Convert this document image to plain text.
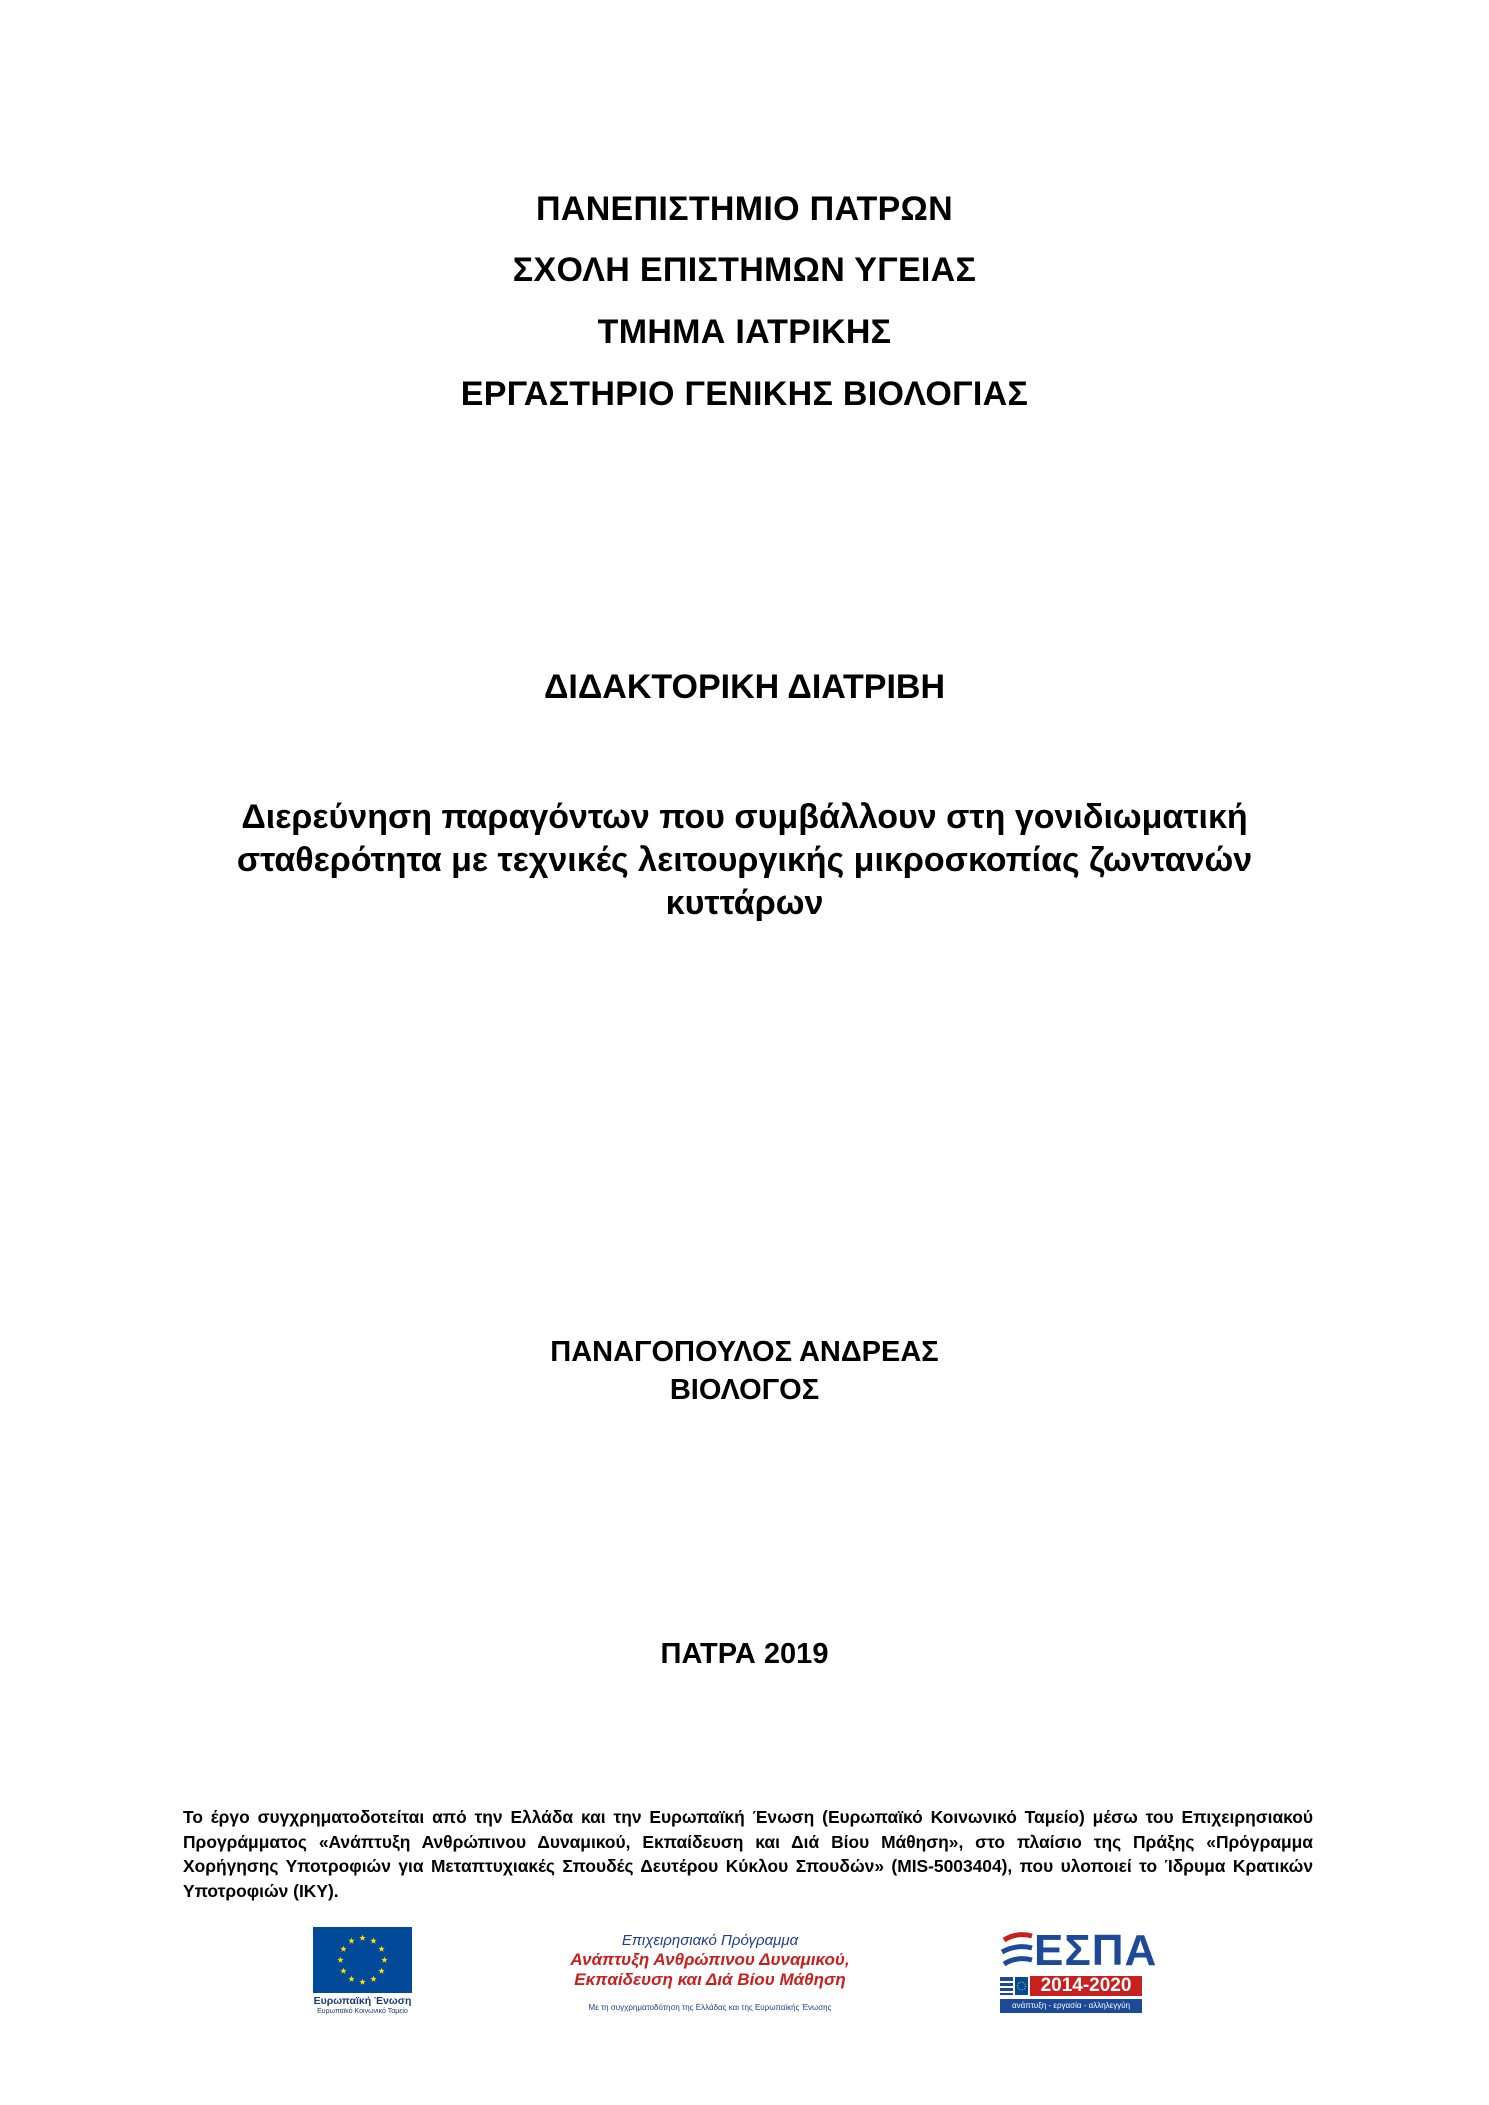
ΠΑΝΕΠΙΣΤΗΜΙΟ ΠΑΤΡΩΝ
ΣΧΟΛΗ ΕΠΙΣΤΗΜΩΝ ΥΓΕΙΑΣ
ΤΜΗΜΑ ΙΑΤΡΙΚΗΣ
ΕΡΓΑΣΤΗΡΙΟ ΓΕΝΙΚΗΣ ΒΙΟΛΟΓΙΑΣ
ΔΙΔΑΚΤΟΡΙΚΗ ΔΙΑΤΡΙΒΗ
Διερεύνηση παραγόντων που συμβάλλουν στη γονιδιωματική
σταθερότητα με τεχνικές λειτουργικής μικροσκοπίας ζωντανών
κυττάρων
ΠΑΝΑΓΟΠΟΥΛΟΣ ΑΝΔΡΕΑΣ
ΒΙΟΛΟΓΟΣ
ΠΑΤΡΑ 2019
Το έργο συγχρηματοδοτείται από την Ελλάδα και την Ευρωπαϊκή Ένωση (Ευρωπαϊκό Κοινωνικό Ταμείο) μέσω του Επιχειρησιακού Προγράμματος «Ανάπτυξη Ανθρώπινου Δυναμικού, Εκπαίδευση και Διά Βίου Μάθηση», στο πλαίσιο της Πράξης «Πρόγραμμα Χορήγησης Υποτροφιών για Μεταπτυχιακές Σπουδές Δευτέρου Κύκλου Σπουδών» (MIS-5003404), που υλοποιεί το Ίδρυμα Κρατικών Υποτροφιών (ΙΚΥ).
Ευρωπαϊκή Ένωση
Ευρωπαϊκό Κοινωνικό Ταμείο
Επιχειρησιακό Πρόγραμμα
Ανάπτυξη Ανθρώπινου Δυναμικού,
Εκπαίδευση και Διά Βίου Μάθηση
Με τη συγχρηματοδότηση της Ελλάδας και της Ευρωπαϊκής Ένωσης
ΕΣΠΑ
2014-2020
ανάπτυξη - εργασία - αλληλεγγύη
